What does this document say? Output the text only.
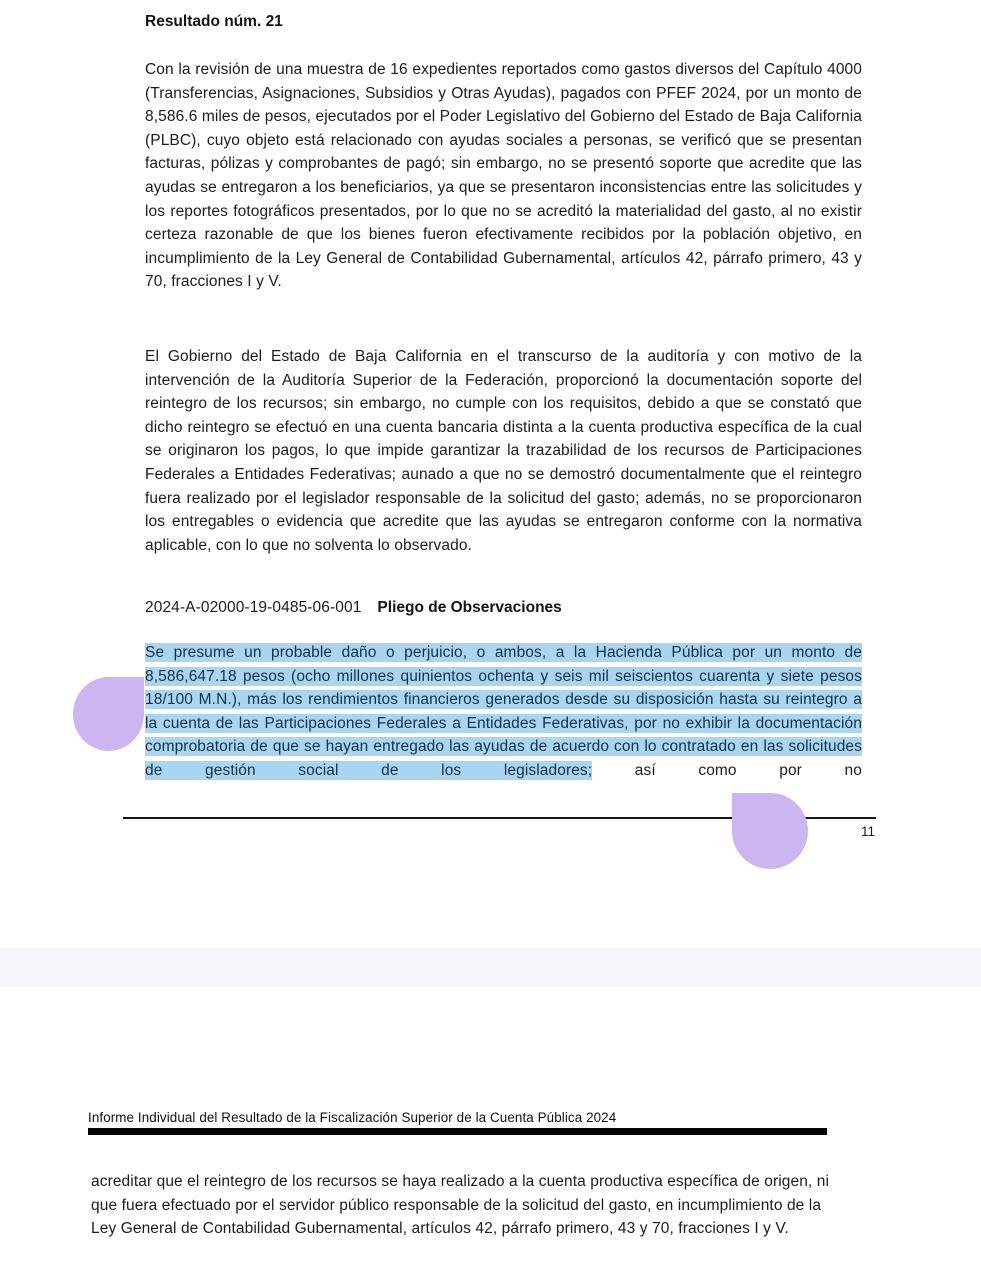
Resultado núm. 21

Con la revisión de una muestra de 16 expedientes reportados como gastos diversos del Capítulo 4000 (Transferencias, Asignaciones, Subsidios y Otras Ayudas), pagados con PFEF 2024, por un monto de 8,586.6 miles de pesos, ejecutados por el Poder Legislativo del Gobierno del Estado de Baja California (PLBC), cuyo objeto está relacionado con ayudas sociales a personas, se verificó que se presentan facturas, pólizas y comprobantes de pagó; sin embargo, no se presentó soporte que acredite que las ayudas se entregaron a los beneficiarios, ya que se presentaron inconsistencias entre las solicitudes y los reportes fotográficos presentados, por lo que no se acreditó la materialidad del gasto, al no existir certeza razonable de que los bienes fueron efectivamente recibidos por la población objetivo, en incumplimiento de la Ley General de Contabilidad Gubernamental, artículos 42, párrafo primero, 43 y 70, fracciones I y V.

El Gobierno del Estado de Baja California en el transcurso de la auditoría y con motivo de la intervención de la Auditoría Superior de la Federación, proporcionó la documentación soporte del reintegro de los recursos; sin embargo, no cumple con los requisitos, debido a que se constató que dicho reintegro se efectuó en una cuenta bancaria distinta a la cuenta productiva específica de la cual se originaron los pagos, lo que impide garantizar la trazabilidad de los recursos de Participaciones Federales a Entidades Federativas; aunado a que no se demostró documentalmente que el reintegro fuera realizado por el legislador responsable de la solicitud del gasto; además, no se proporcionaron los entregables o evidencia que acredite que las ayudas se entregaron conforme con la normativa aplicable, con lo que no solventa lo observado.

2024-A-02000-19-0485-06-001 Pliego de Observaciones

Se presume un probable daño o perjuicio, o ambos, a la Hacienda Pública por un monto de 8,586,647.18 pesos (ocho millones quinientos ochenta y seis mil seiscientos cuarenta y siete pesos 18/100 M.N.), más los rendimientos financieros generados desde su disposición hasta su reintegro a la cuenta de las Participaciones Federales a Entidades Federativas, por no exhibir la documentación comprobatoria de que se hayan entregado las ayudas de acuerdo con lo contratado en las solicitudes de gestión social de los legisladores; así como por no

11
Informe Individual del Resultado de la Fiscalización Superior de la Cuenta Pública 2024

acreditar que el reintegro de los recursos se haya realizado a la cuenta productiva específica de origen, ni que fuera efectuado por el servidor público responsable de la solicitud del gasto, en incumplimiento de la Ley General de Contabilidad Gubernamental, artículos 42, párrafo primero, 43 y 70, fracciones I y V.
